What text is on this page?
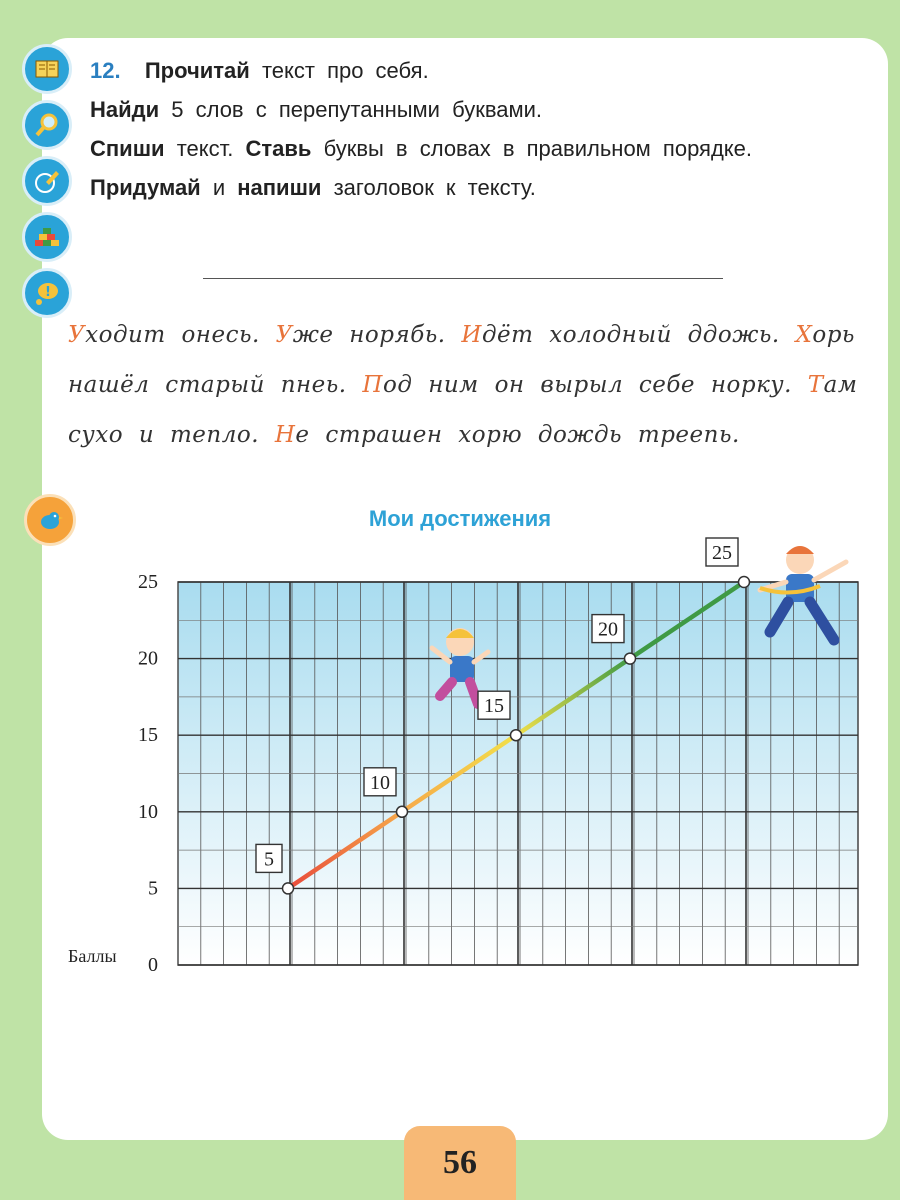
!

12. Прочитай текст про себя.

Найди 5 слов с перепутанными буквами.

Спиши текст. Ставь буквы в словах в правильном порядке.

Придумай и напиши заголовок к тексту.

Уходит онесь. Уже норябь. Идёт холодный ддожь. Хорь нашёл старый пнеь. Под ним он вырыл себе норку. Там сухо и тепло. Не страшен хорю дождь треепь.
Мои достижения
0
5
10
15
20
25
Баллы
5
10
15
20
25
56
